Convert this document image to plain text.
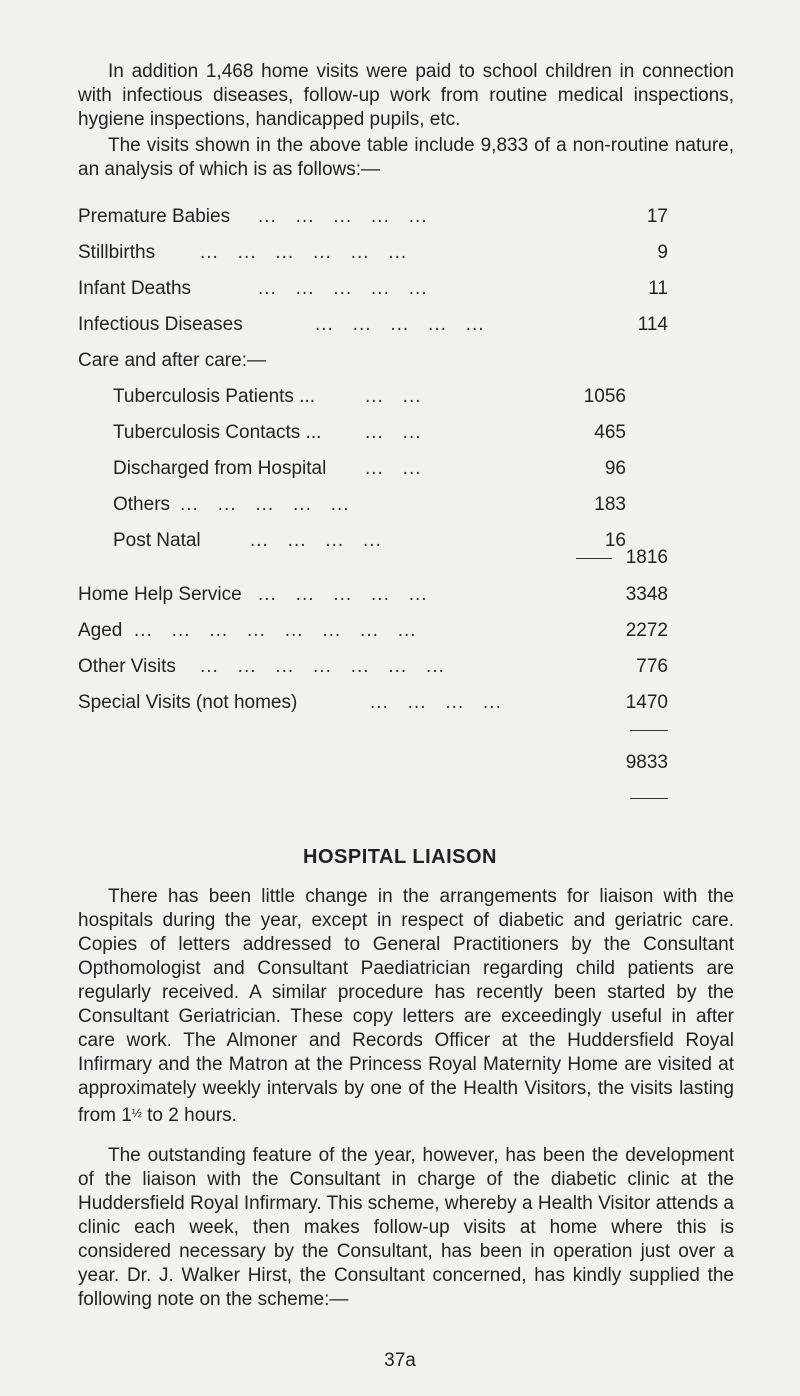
In addition 1,468 home visits were paid to school children in connection with infectious diseases, follow-up work from routine medical inspections, hygiene inspections, handicapped pupils, etc.

The visits shown in the above table include 9,833 of a non-routine nature, an analysis of which is as follows:—

Premature Babies ...   ...   ...   ...   ...	17
Stillbirths ...   ...   ...   ...   ...   ...	9
Infant Deaths	...   ...   ...   ...   ...	11
Infectious Diseases	...   ...   ...   ...   ...	114
Care and after care:—
Tuberculosis Patients ...	...   ...	1056
Tuberculosis Contacts ... ...   ...	465
Discharged from Hospital ...   ...	96
Others ...   ...   ...   ...   ...	183
Post Natal	...   ...   ...   ...	16
1816
Home Help Service ...   ...   ...   ...   ...	3348
Aged ...   ...   ...   ...   ...   ...   ...   ...	2272
Other Visits ...   ...   ...   ...   ...   ...   ...	776
Special Visits (not homes)	...   ...   ...   ...	1470
9833
HOSPITAL LIAISON

There has been little change in the arrangements for liaison with the hospitals during the year, except in respect of diabetic and geriatric care. Copies of letters addressed to General Practitioners by the Consultant Opthomologist and Consultant Paediatrician regarding child patients are regularly received. A similar procedure has recently been started by the Consultant Geriatrician. These copy letters are exceedingly useful in after care work. The Almoner and Records Officer at the Huddersfield Royal Infirmary and the Matron at the Princess Royal Maternity Home are visited at approximately weekly intervals by one of the Health Visitors, the visits lasting from $1^{\frac{1}{2}}$ to 2 hours.

The outstanding feature of the year, however, has been the development of the liaison with the Consultant in charge of the diabetic clinic at the Huddersfield Royal Infirmary. This scheme, whereby a Health Visitor attends a clinic each week, then makes follow-up visits at home where this is considered necessary by the Consultant, has been in operation just over a year. Dr. J. Walker Hirst, the Consultant concerned, has kindly supplied the following note on the scheme:—

37a
